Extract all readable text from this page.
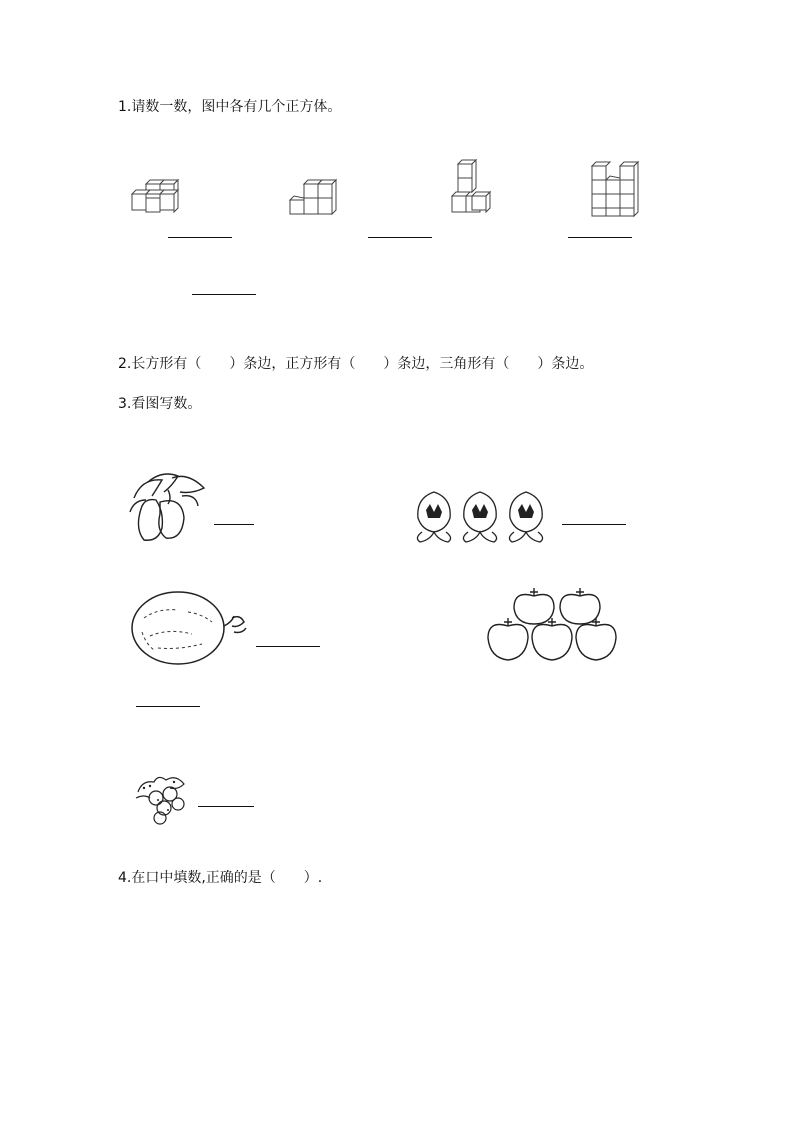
1.请数一数，图中各有几个正方体。
2.长方形有（　　）条边，正方形有（　　）条边，三角形有（　　）条边。
3.看图写数。
4.在口中填数,正确的是（　　）.
